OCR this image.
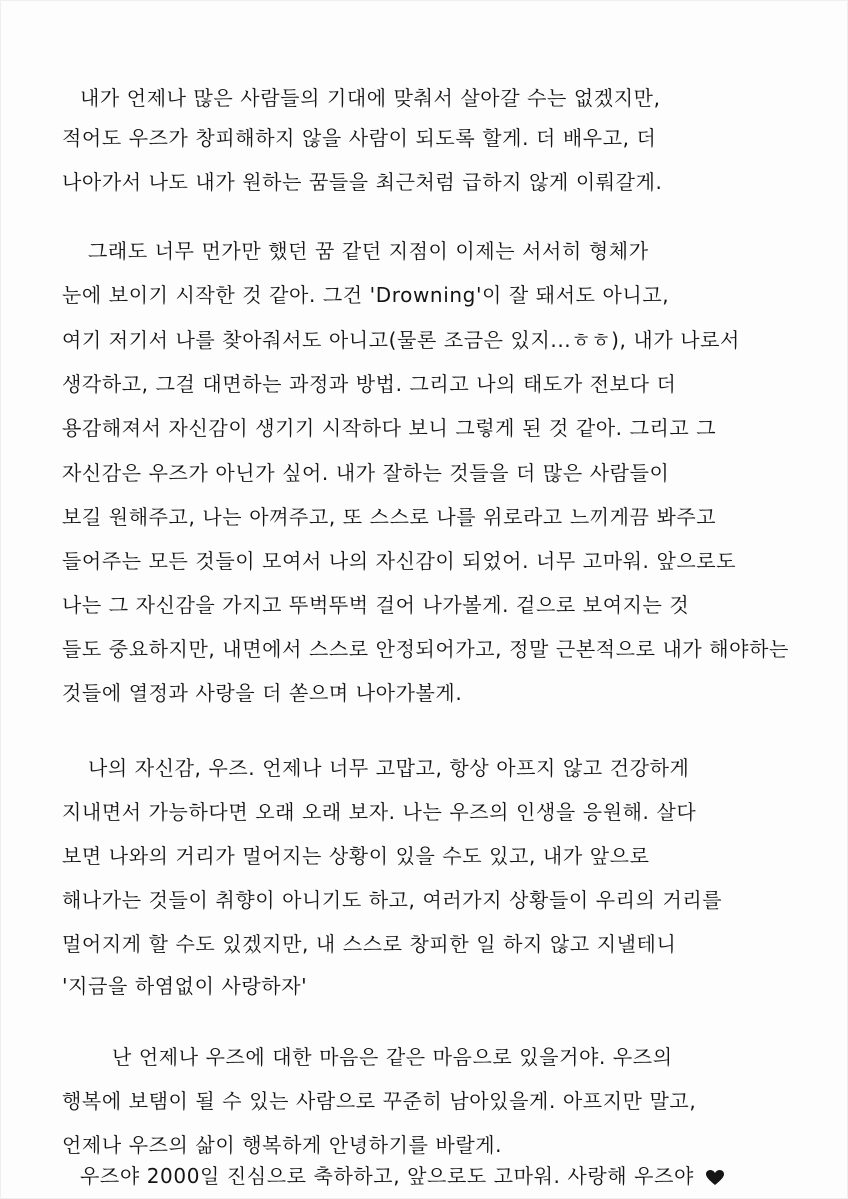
내가 언제나 많은 사람들의 기대에 맞춰서 살아갈 수는 없겠지만,
적어도 우즈가 창피해하지 않을 사람이 되도록 할게. 더 배우고, 더
나아가서 나도 내가 원하는 꿈들을 최근처럼 급하지 않게 이뤄갈게.
그래도 너무 먼가만 했던 꿈 같던 지점이 이제는 서서히 형체가
눈에 보이기 시작한 것 같아. 그건 'Drowning'이 잘 돼서도 아니고,
여기 저기서 나를 찾아줘서도 아니고(물론 조금은 있지...ㅎㅎ), 내가 나로서
생각하고, 그걸 대면하는 과정과 방법. 그리고 나의 태도가 전보다 더
용감해져서 자신감이 생기기 시작하다 보니 그렇게 된 것 같아. 그리고 그
자신감은 우즈가 아닌가 싶어. 내가 잘하는 것들을 더 많은 사람들이
보길 원해주고, 나는 아껴주고, 또 스스로 나를 위로라고 느끼게끔 봐주고
들어주는 모든 것들이 모여서 나의 자신감이 되었어. 너무 고마워. 앞으로도
나는 그 자신감을 가지고 뚜벅뚜벅 걸어 나가볼게. 겉으로 보여지는 것
들도 중요하지만, 내면에서 스스로 안정되어가고, 정말 근본적으로 내가 해야하는
것들에 열정과 사랑을 더 쏟으며 나아가볼게.
나의 자신감, 우즈. 언제나 너무 고맙고, 항상 아프지 않고 건강하게
지내면서 가능하다면 오래 오래 보자. 나는 우즈의 인생을 응원해. 살다
보면 나와의 거리가 멀어지는 상황이 있을 수도 있고, 내가 앞으로
해나가는 것들이 취향이 아니기도 하고, 여러가지 상황들이 우리의 거리를
멀어지게 할 수도 있겠지만, 내 스스로 창피한 일 하지 않고 지낼테니
'지금을 하염없이 사랑하자'
난 언제나 우즈에 대한 마음은 같은 마음으로 있을거야. 우즈의
행복에 보탬이 될 수 있는 사람으로 꾸준히 남아있을게. 아프지만 말고,
언제나 우즈의 삶이 행복하게 안녕하기를 바랄게.
우즈야 2000일 진심으로 축하하고, 앞으로도 고마워. 사랑해 우즈야
